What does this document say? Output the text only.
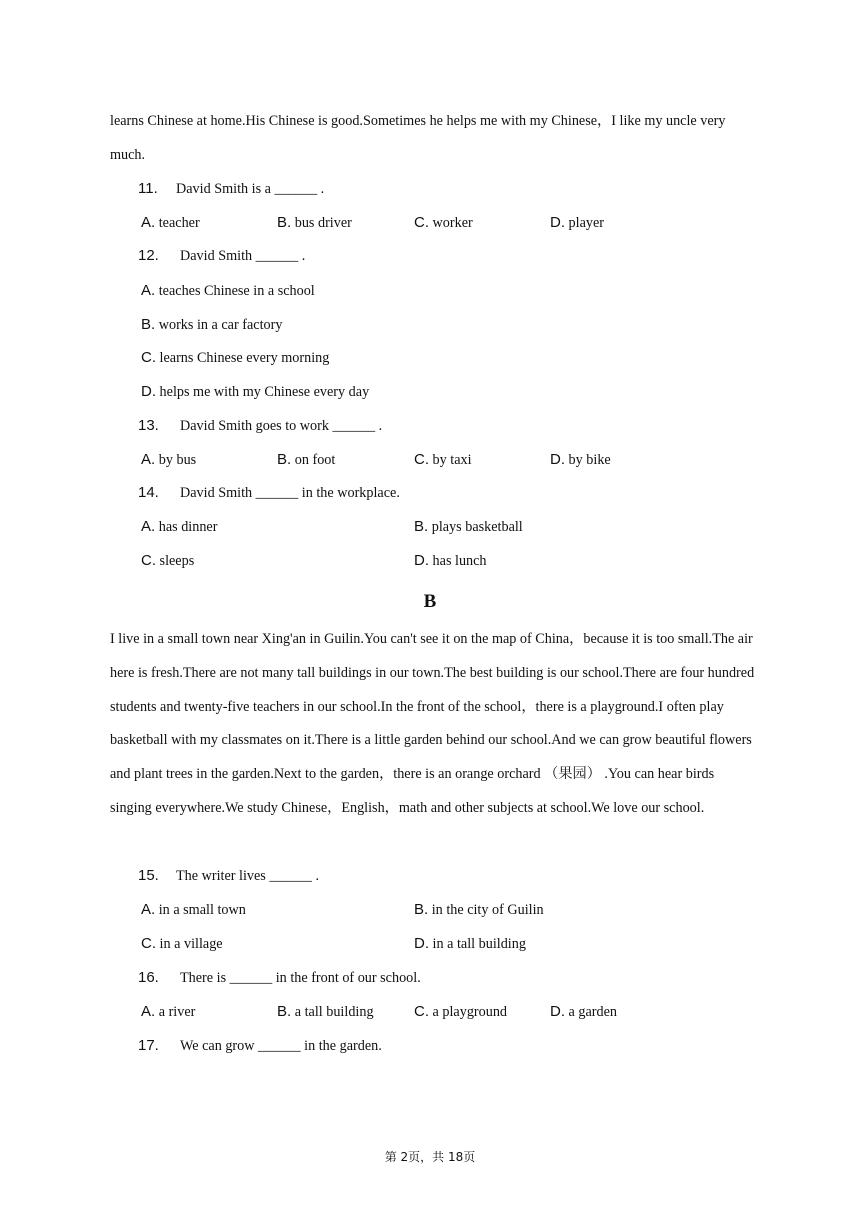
learns Chinese at home.His Chinese is good.Sometimes he helps me with my Chinese，I like my uncle very much.

11. David Smith is a ______ .
A. teacher	B. bus driver	C. worker	D. player
12. David Smith ______ .
A. teaches Chinese in a school
B. works in a car factory
C. learns Chinese every morning
D. helps me with my Chinese every day
13. David Smith goes to work ______ .
A. by bus	B. on foot	C. by taxi	D. by bike
14. David Smith ______ in the workplace.
A. has dinner	B. plays basketball
C. sleeps	D. has lunch
B

I live in a small town near Xing'an in Guilin.You can't see it on the map of China，because it is too small.The air here is fresh.There are not many tall buildings in our town.The best building is our school.There are four hundred students and twenty-five teachers in our school.In the front of the school，there is a playground.I often play basketball with my classmates on it.There is a little garden behind our school.And we can grow beautiful flowers and plant trees in the garden.Next to the garden，there is an orange orchard （果园） .You can hear birds singing everywhere.We study Chinese，English，math and other subjects at school.We love our school.

15. The writer lives ______ .
A. in a small town	B. in the city of Guilin
C. in a village	D. in a tall building
16. There is ______ in the front of our school.
A. a river	B. a tall building	C. a playground	D. a garden
17. We can grow ______ in the garden.
第 2页，共 18页
